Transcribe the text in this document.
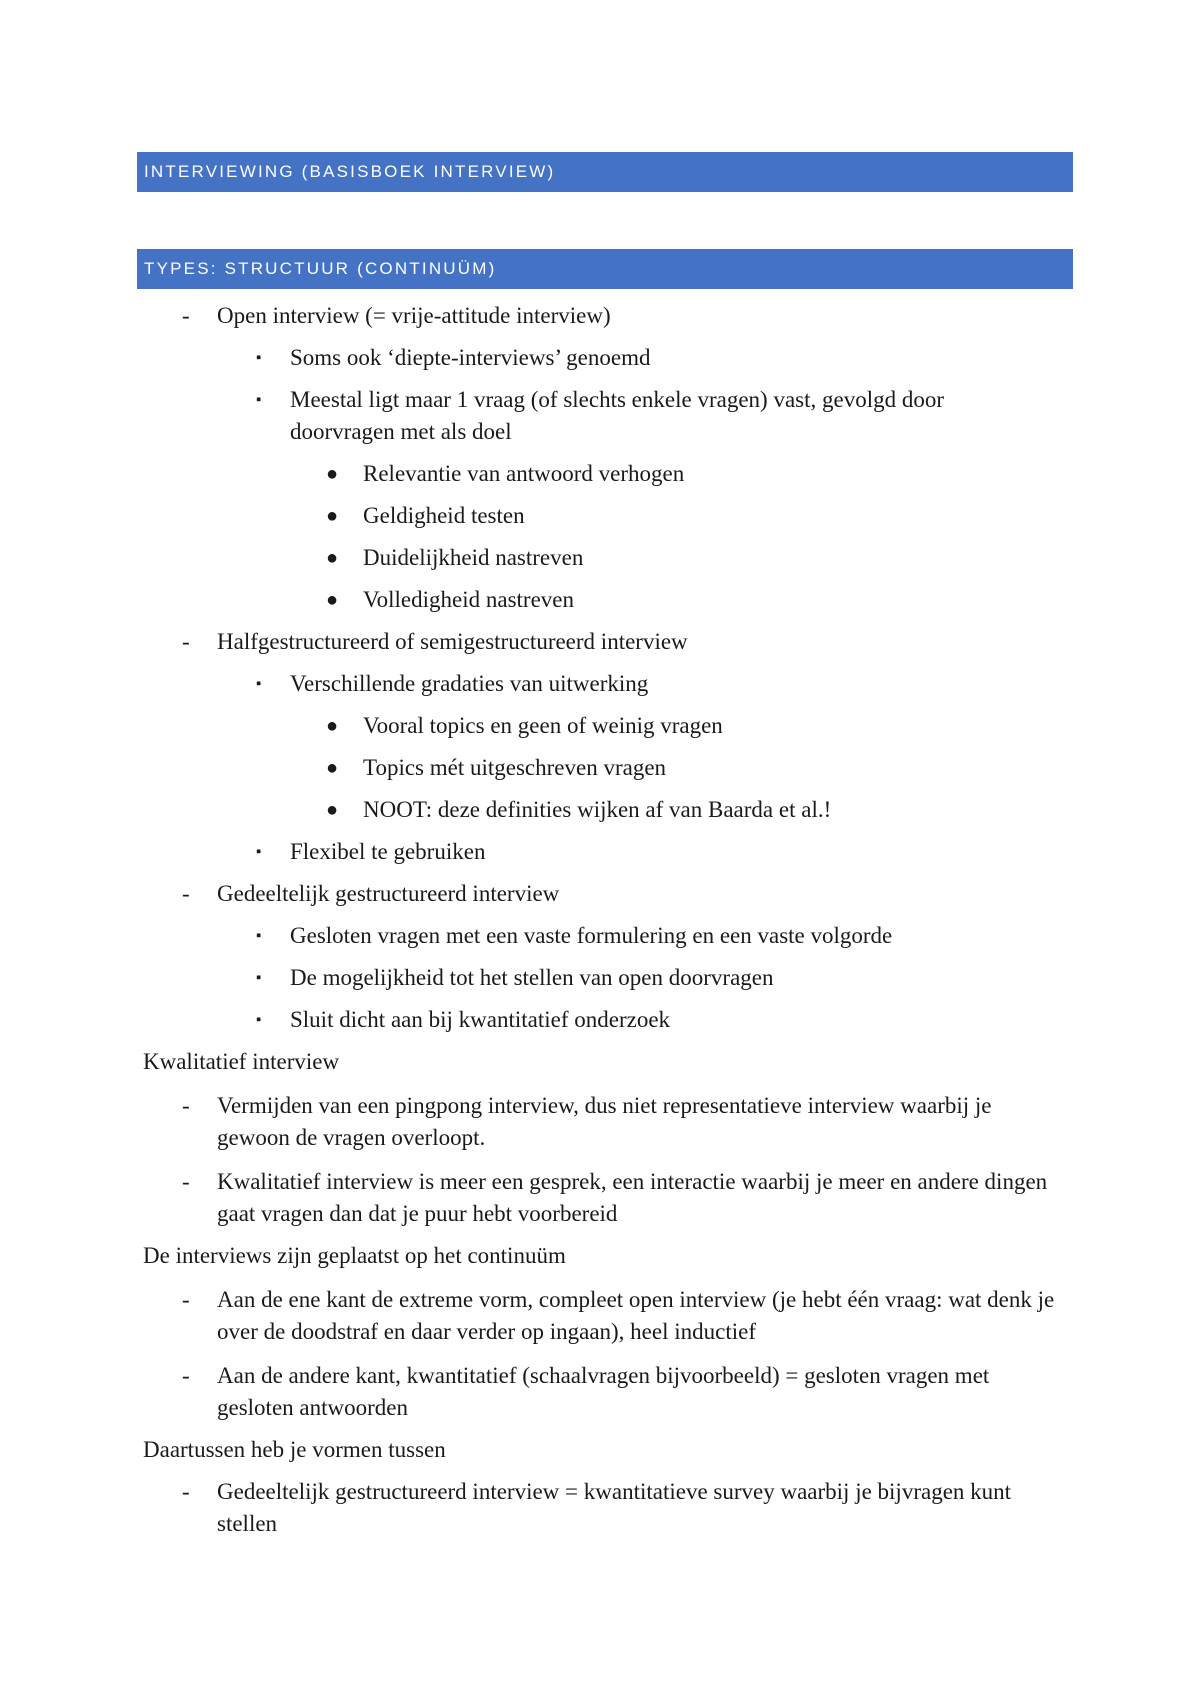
INTERVIEWING (BASISBOEK INTERVIEW)
TYPES: STRUCTUUR (CONTINUÜM)
- Open interview (= vrije-attitude interview)
▪ Soms ook ‘diepte-interviews’ genoemd
▪ Meestal ligt maar 1 vraag (of slechts enkele vragen) vast, gevolgd door doorvragen met als doel
● Relevantie van antwoord verhogen
● Geldigheid testen
● Duidelijkheid nastreven
● Volledigheid nastreven
- Halfgestructureerd of semigestructureerd interview
▪ Verschillende gradaties van uitwerking
● Vooral topics en geen of weinig vragen
● Topics mét uitgeschreven vragen
● NOOT: deze definities wijken af van Baarda et al.!
▪ Flexibel te gebruiken
- Gedeeltelijk gestructureerd interview
▪ Gesloten vragen met een vaste formulering en een vaste volgorde
▪ De mogelijkheid tot het stellen van open doorvragen
▪ Sluit dicht aan bij kwantitatief onderzoek
Kwalitatief interview
- Vermijden van een pingpong interview, dus niet representatieve interview waarbij je gewoon de vragen overloopt.
- Kwalitatief interview is meer een gesprek, een interactie waarbij je meer en andere dingen gaat vragen dan dat je puur hebt voorbereid
De interviews zijn geplaatst op het continuüm
- Aan de ene kant de extreme vorm, compleet open interview (je hebt één vraag: wat denk je over de doodstraf en daar verder op ingaan), heel inductief
- Aan de andere kant, kwantitatief (schaalvragen bijvoorbeeld) = gesloten vragen met gesloten antwoorden
Daartussen heb je vormen tussen
- Gedeeltelijk gestructureerd interview = kwantitatieve survey waarbij je bijvragen kunt stellen
